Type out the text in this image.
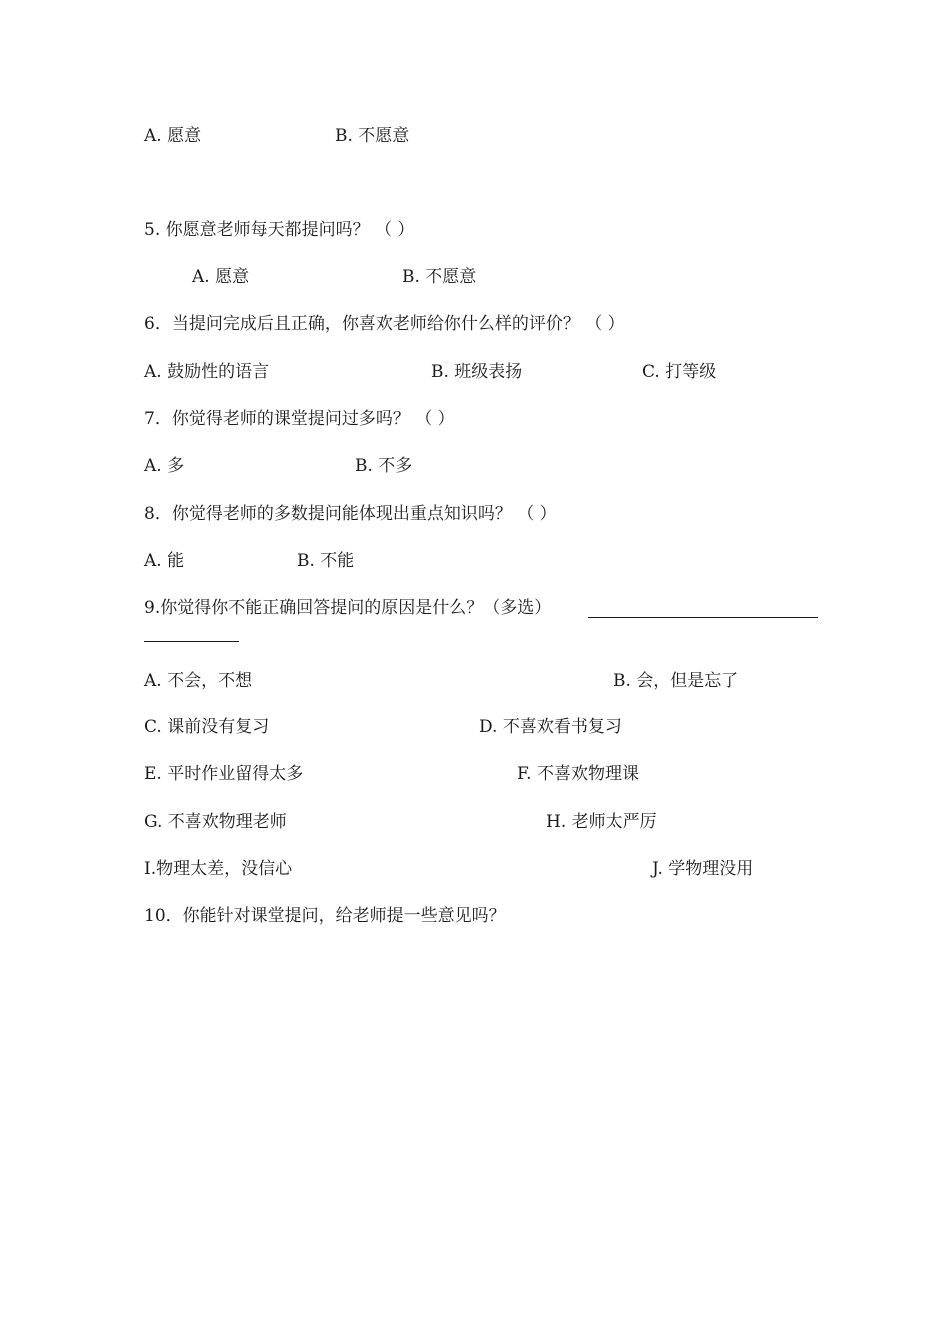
A. 愿意	B. 不愿意
5. 你愿意老师每天都提问吗？ （ ）
A. 愿意	B. 不愿意
6．当提问完成后且正确，你喜欢老师给你什么样的评价？ （ ）
A. 鼓励性的语言	B. 班级表扬	C. 打等级
7．你觉得老师的课堂提问过多吗？ （ ）
A. 多	B. 不多
8．你觉得老师的多数提问能体现出重点知识吗？ （ ）
A. 能	B. 不能
9.你觉得你不能正确回答提问的原因是什么？（多选）
A. 不会，不想	B. 会，但是忘了
C. 课前没有复习	D. 不喜欢看书复习
E. 平时作业留得太多	F. 不喜欢物理课
G. 不喜欢物理老师	H. 老师太严厉
I.物理太差，没信心	J. 学物理没用
10．你能针对课堂提问，给老师提一些意见吗？
